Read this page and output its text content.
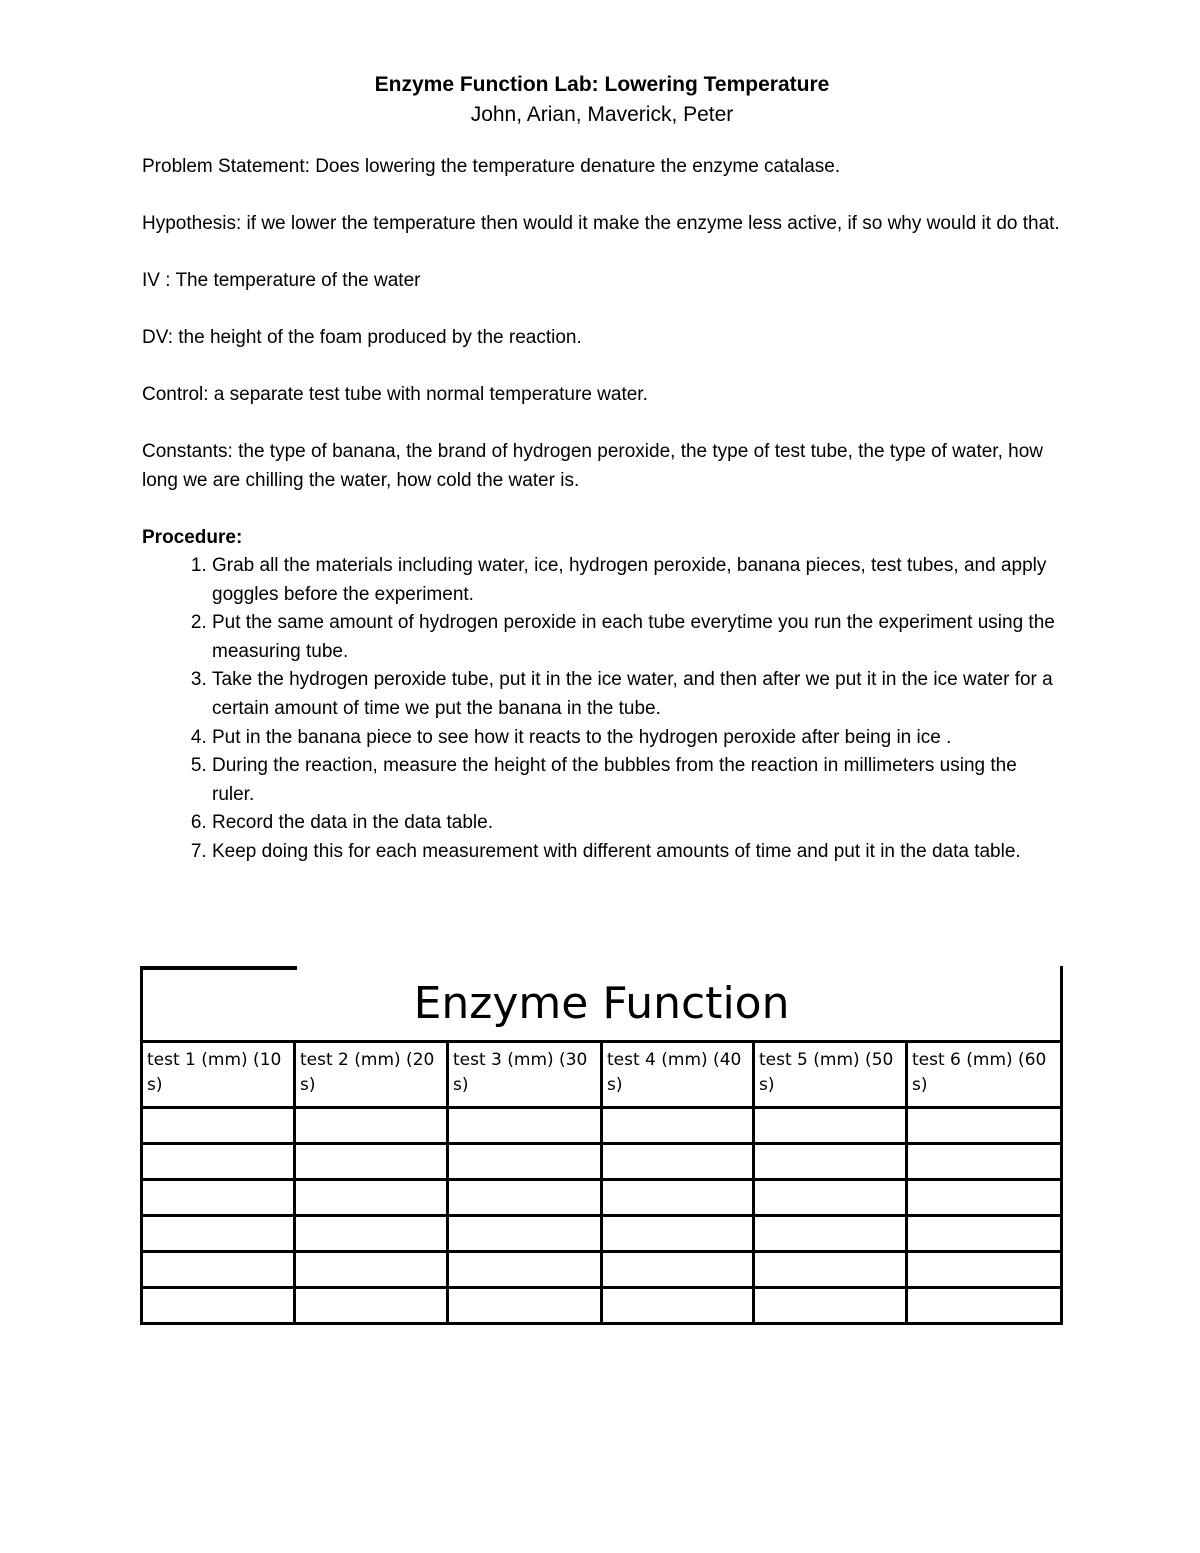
Enzyme Function Lab: Lowering Temperature

John, Arian, Maverick, Peter

Problem Statement: Does lowering the temperature denature the enzyme catalase.

Hypothesis: if we lower the temperature then would it make the enzyme less active, if so why would it do that.

IV : The temperature of the water

DV: the height of the foam produced by the reaction.

Control: a separate test tube with normal temperature water.

Constants: the type of banana, the brand of hydrogen peroxide, the type of test tube, the type of water, how long we are chilling the water, how cold the water is.

Procedure:

1. Grab all the materials including water, ice, hydrogen peroxide, banana pieces, test tubes, and apply goggles before the experiment.
2. Put the same amount of hydrogen peroxide in each tube everytime you run the experiment using the measuring tube.
3. Take the hydrogen peroxide tube, put it in the ice water, and then after we put it in the ice water for a certain amount of time we put the banana in the tube.
4. Put in the banana piece to see how it reacts to the hydrogen peroxide after being in ice .
5. During the reaction, measure the height of the bubbles from the reaction in millimeters using the ruler.
6. Record the data in the data table.
7. Keep doing this for each measurement with different amounts of time and put it in the data table.
Enzyme Function					
test 1 (mm) (10 s)	test 2 (mm) (20 s)	test 3 (mm) (30 s)	test 4 (mm) (40 s)	test 5 (mm) (50 s)	test 6 (mm) (60 s)
